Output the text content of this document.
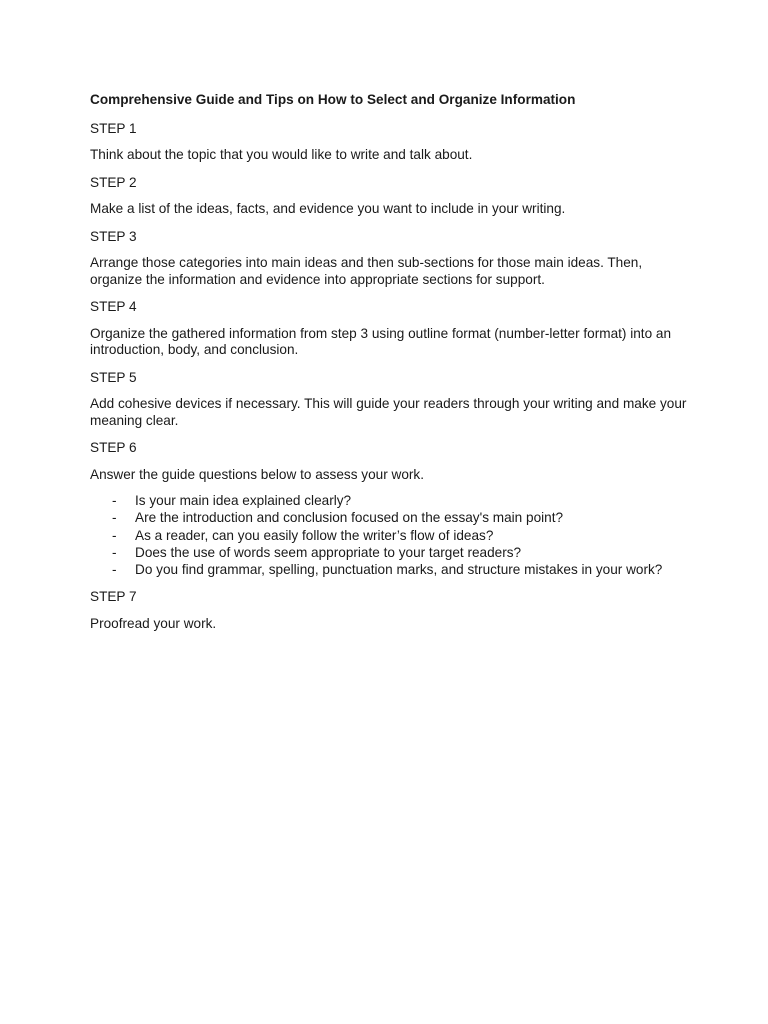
Comprehensive Guide and Tips on How to Select and Organize Information

STEP 1

Think about the topic that you would like to write and talk about.

STEP 2

Make a list of the ideas, facts, and evidence you want to include in your writing.

STEP 3

Arrange those categories into main ideas and then sub-sections for those main ideas. Then, organize the information and evidence into appropriate sections for support.

STEP 4

Organize the gathered information from step 3 using outline format (number-letter format) into an introduction, body, and conclusion.

STEP 5

Add cohesive devices if necessary. This will guide your readers through your writing and make your meaning clear.

STEP 6

Answer the guide questions below to assess your work.

- Is your main idea explained clearly?
- Are the introduction and conclusion focused on the essay's main point?
- As a reader, can you easily follow the writer’s flow of ideas?
- Does the use of words seem appropriate to your target readers?
- Do you find grammar, spelling, punctuation marks, and structure mistakes in your work?

STEP 7

Proofread your work.
